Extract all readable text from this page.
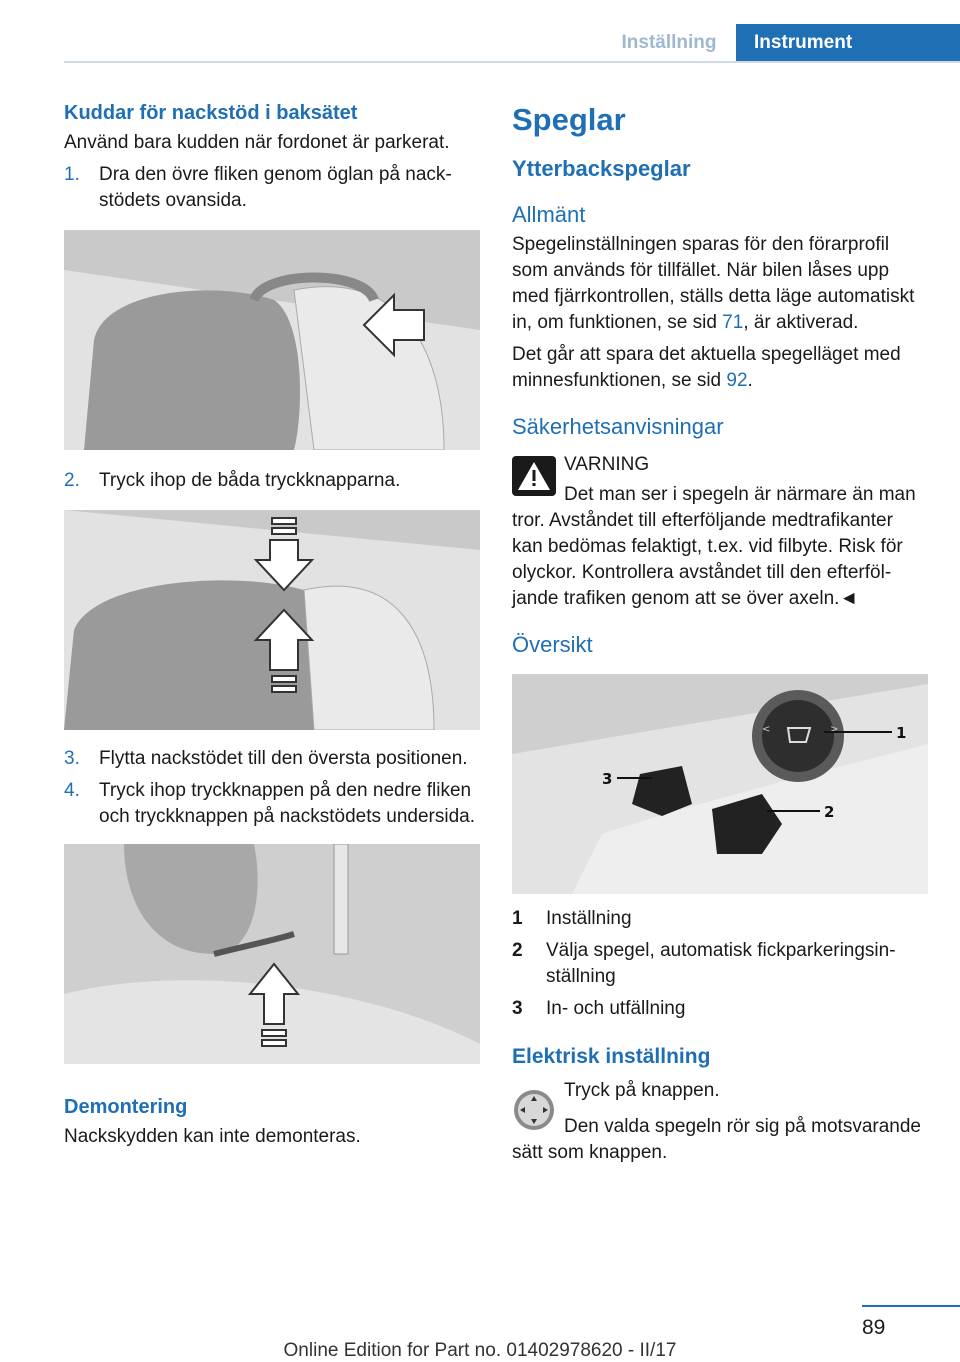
Inställning	Instrument
Kuddar för nackstöd i baksätet

Använd bara kudden när fordonet är parkerat.

1.	Dra den övre fliken genom öglan på nackstödets ovansida.
2.	Tryck ihop de båda tryckknapparna.
3.	Flytta nackstödet till den översta positionen.
4.	Tryck ihop tryckknappen på den nedre fliken och tryckknappen på nackstödets undersida.
Demontering

Nackskydden kan inte demonteras.

Speglar
Ytterbackspeglar
Allmänt

Spegelinställningen sparas för den förarprofil som används för tillfället. När bilen låses upp med fjärrkontrollen, ställs detta läge automatiskt in, om funktionen, se sid 71, är aktiverad.

Det går att spara det aktuella spegelläget med minnesfunktionen, se sid 92.

Säkerhetsanvisningar
VARNING

Det man ser i spegeln är närmare än man tror. Avståndet till efterföljande medtrafikanter kan bedömas felaktigt, t.ex. vid filbyte. Risk för olyckor. Kontrollera avståndet till den efterföljande trafiken genom att se över axeln.◄

Översikt
<	>	1
2
3
1	Inställning
2	Välja spegel, automatisk fickparkeringsinställning
3	In- och utfällning
Elektrisk inställning

Tryck på knappen.

Den valda spegeln rör sig på motsvarande sätt som knappen.

89
Online Edition for Part no. 01402978620 - II/17
